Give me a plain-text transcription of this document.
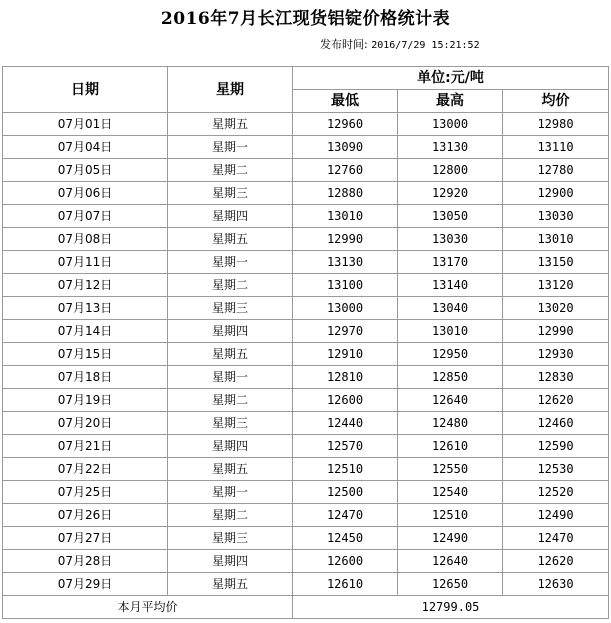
2016年7月长江现货铝锭价格统计表
发布时间: 2016/7/29 15:21:52
日期	星期	单位:元/吨		
		最低	最高	均价
07月01日	星期五	12960	13000	12980
07月04日	星期一	13090	13130	13110
07月05日	星期二	12760	12800	12780
07月06日	星期三	12880	12920	12900
07月07日	星期四	13010	13050	13030
07月08日	星期五	12990	13030	13010
07月11日	星期一	13130	13170	13150
07月12日	星期二	13100	13140	13120
07月13日	星期三	13000	13040	13020
07月14日	星期四	12970	13010	12990
07月15日	星期五	12910	12950	12930
07月18日	星期一	12810	12850	12830
07月19日	星期二	12600	12640	12620
07月20日	星期三	12440	12480	12460
07月21日	星期四	12570	12610	12590
07月22日	星期五	12510	12550	12530
07月25日	星期一	12500	12540	12520
07月26日	星期二	12470	12510	12490
07月27日	星期三	12450	12490	12470
07月28日	星期四	12600	12640	12620
07月29日	星期五	12610	12650	12630
本月平均价		12799.05		
